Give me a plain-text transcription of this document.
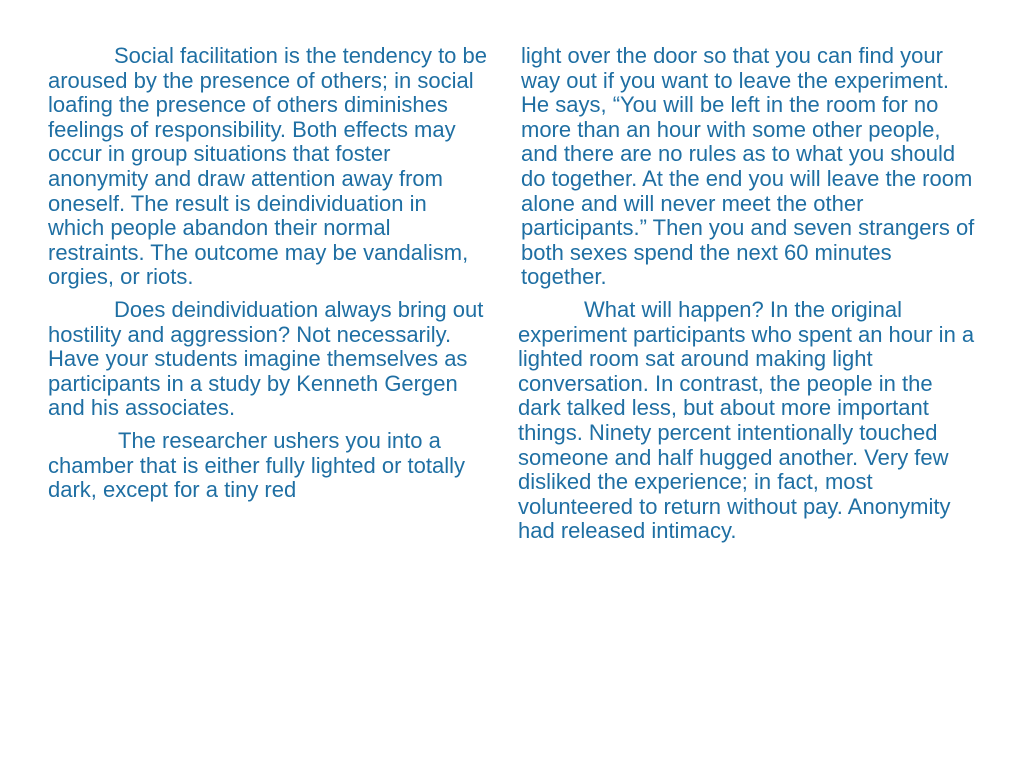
Social facilitation is the tendency to be aroused by the presence of others; in social loafing the presence of others diminishes feelings of responsibility. Both effects may occur in group situations that foster anonymity and draw attention away from oneself. The result is deindividuation in which people abandon their normal restraints. The outcome may be vandalism, orgies, or riots.

Does deindividuation always bring out hostility and aggression? Not necessarily. Have your students imagine themselves as participants in a study by Kenneth Gergen and his associates.

The researcher ushers you into a chamber that is either fully lighted or totally dark, except for a tiny red

light over the door so that you can find your way out if you want to leave the experiment. He says, “You will be left in the room for no more than an hour with some other people, and there are no rules as to what you should do together. At the end you will leave the room alone and will never meet the other participants.” Then you and seven strangers of both sexes spend the next 60 minutes together.

What will happen? In the original experiment participants who spent an hour in a lighted room sat around making light conversation. In contrast, the people in the dark talked less, but about more important things. Ninety percent intentionally touched someone and half hugged another. Very few disliked the experience; in fact, most volunteered to return without pay. Anonymity had released intimacy.
